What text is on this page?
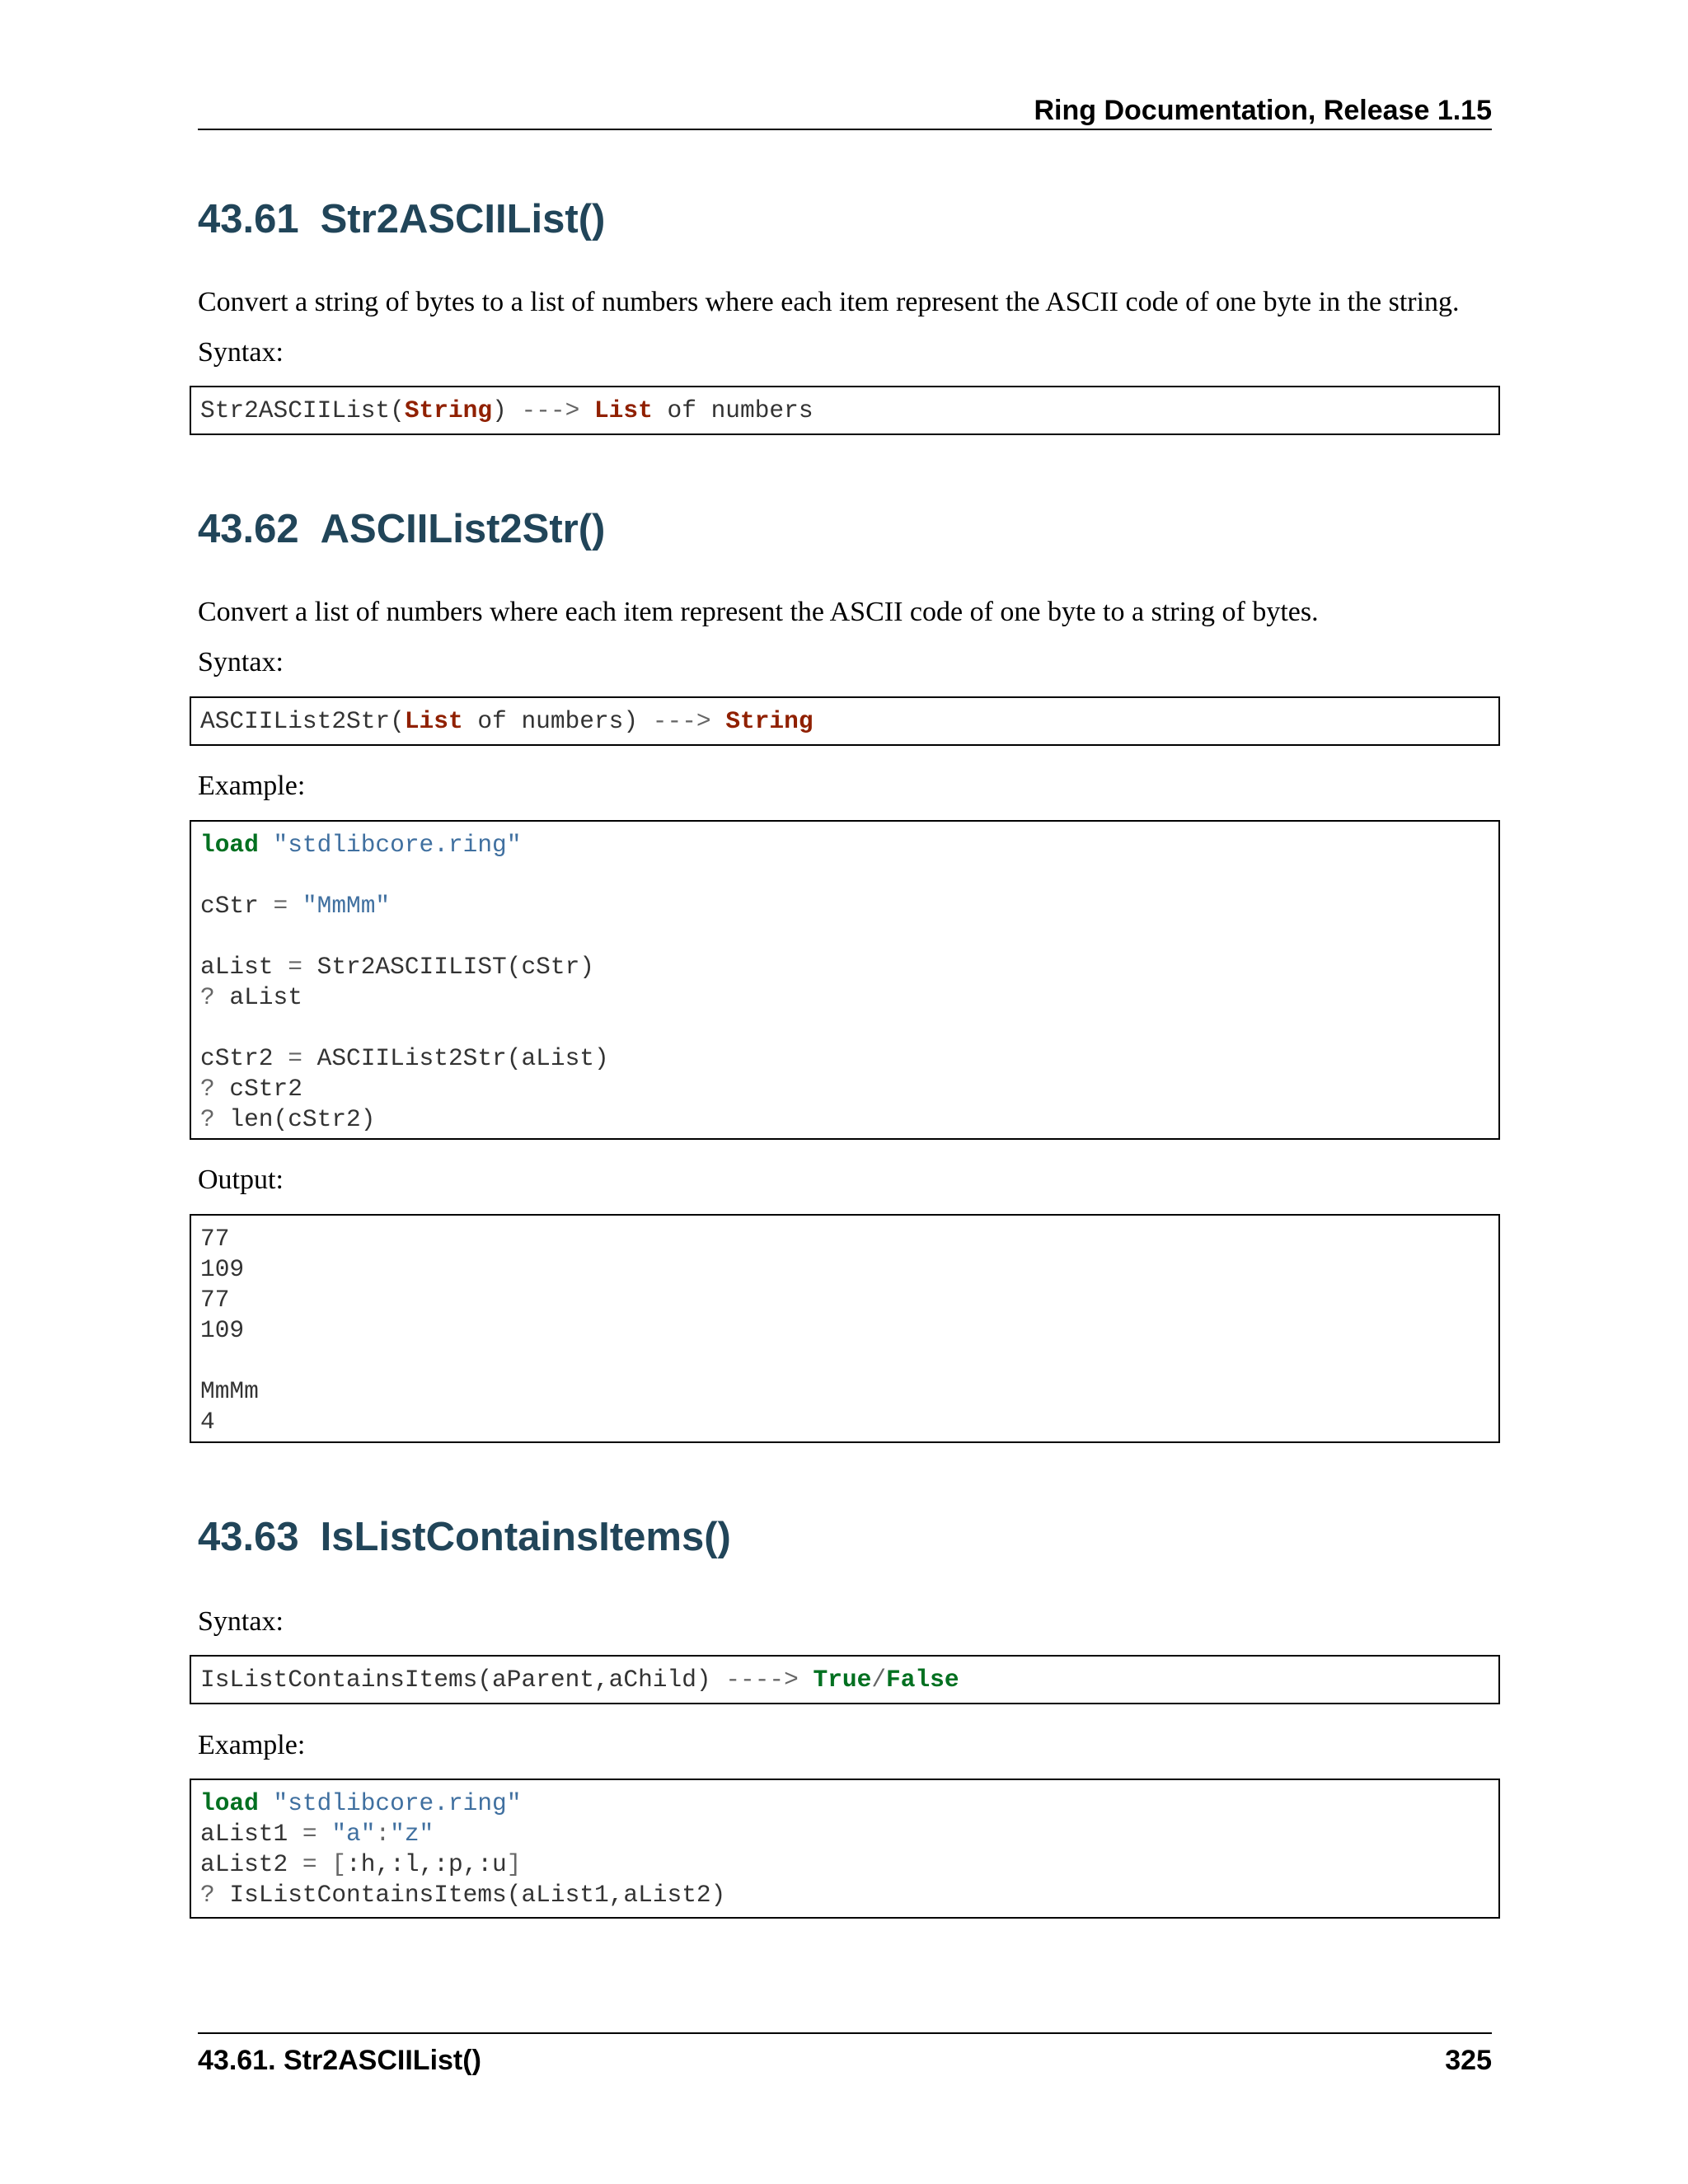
Ring Documentation, Release 1.15
43.61 Str2ASCIIList()
Convert a string of bytes to a list of numbers where each item represent the ASCII code of one byte in the string.
Syntax:
Str2ASCIIList(String) ---> List of numbers
43.62 ASCIIList2Str()
Convert a list of numbers where each item represent the ASCII code of one byte to a string of bytes.
Syntax:
ASCIIList2Str(List of numbers) ---> String
Example:
load "stdlibcore.ring"
cStr = "MmMm"
aList = Str2ASCIILIST(cStr)
? aList
cStr2 = ASCIIList2Str(aList)
? cStr2
? len(cStr2)
Output:
77
109
77
109
MmMm
4
43.63 IsListContainsItems()
Syntax:
IsListContainsItems(aParent,aChild) ----> True/False
Example:
load "stdlibcore.ring"
aList1 = "a":"z"
aList2 = [:h,:l,:p,:u]
? IsListContainsItems(aList1,aList2)
43.61. Str2ASCIIList()	325
